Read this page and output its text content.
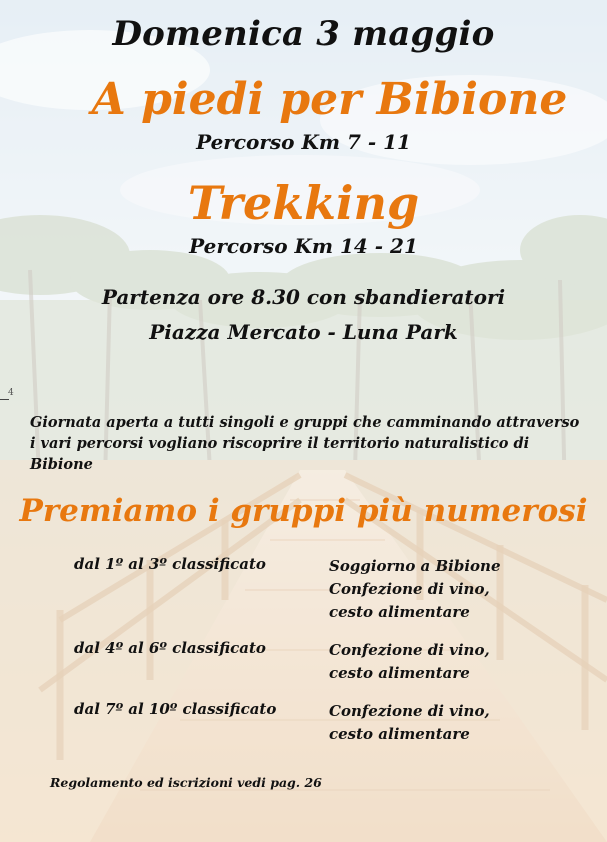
Domenica 3 maggio
A piedi per Bibione
Percorso Km 7 - 11
Trekking
Percorso Km 14 - 21
Partenza ore 8.30 con sbandieratori
Piazza Mercato - Luna Park
4
Giornata aperta a tutti singoli e gruppi che camminando attraverso i vari percorsi vogliano riscoprire il territorio naturalistico di Bibione
Premiamo i gruppi più numerosi
dal 1º al 3º classificato	Soggiorno a Bibione
Confezione di vino,
cesto alimentare
dal 4º al 6º classificato	Confezione di vino,
cesto alimentare
dal 7º al 10º classificato	Confezione di vino,
cesto alimentare
Regolamento ed iscrizioni vedi pag. 26
